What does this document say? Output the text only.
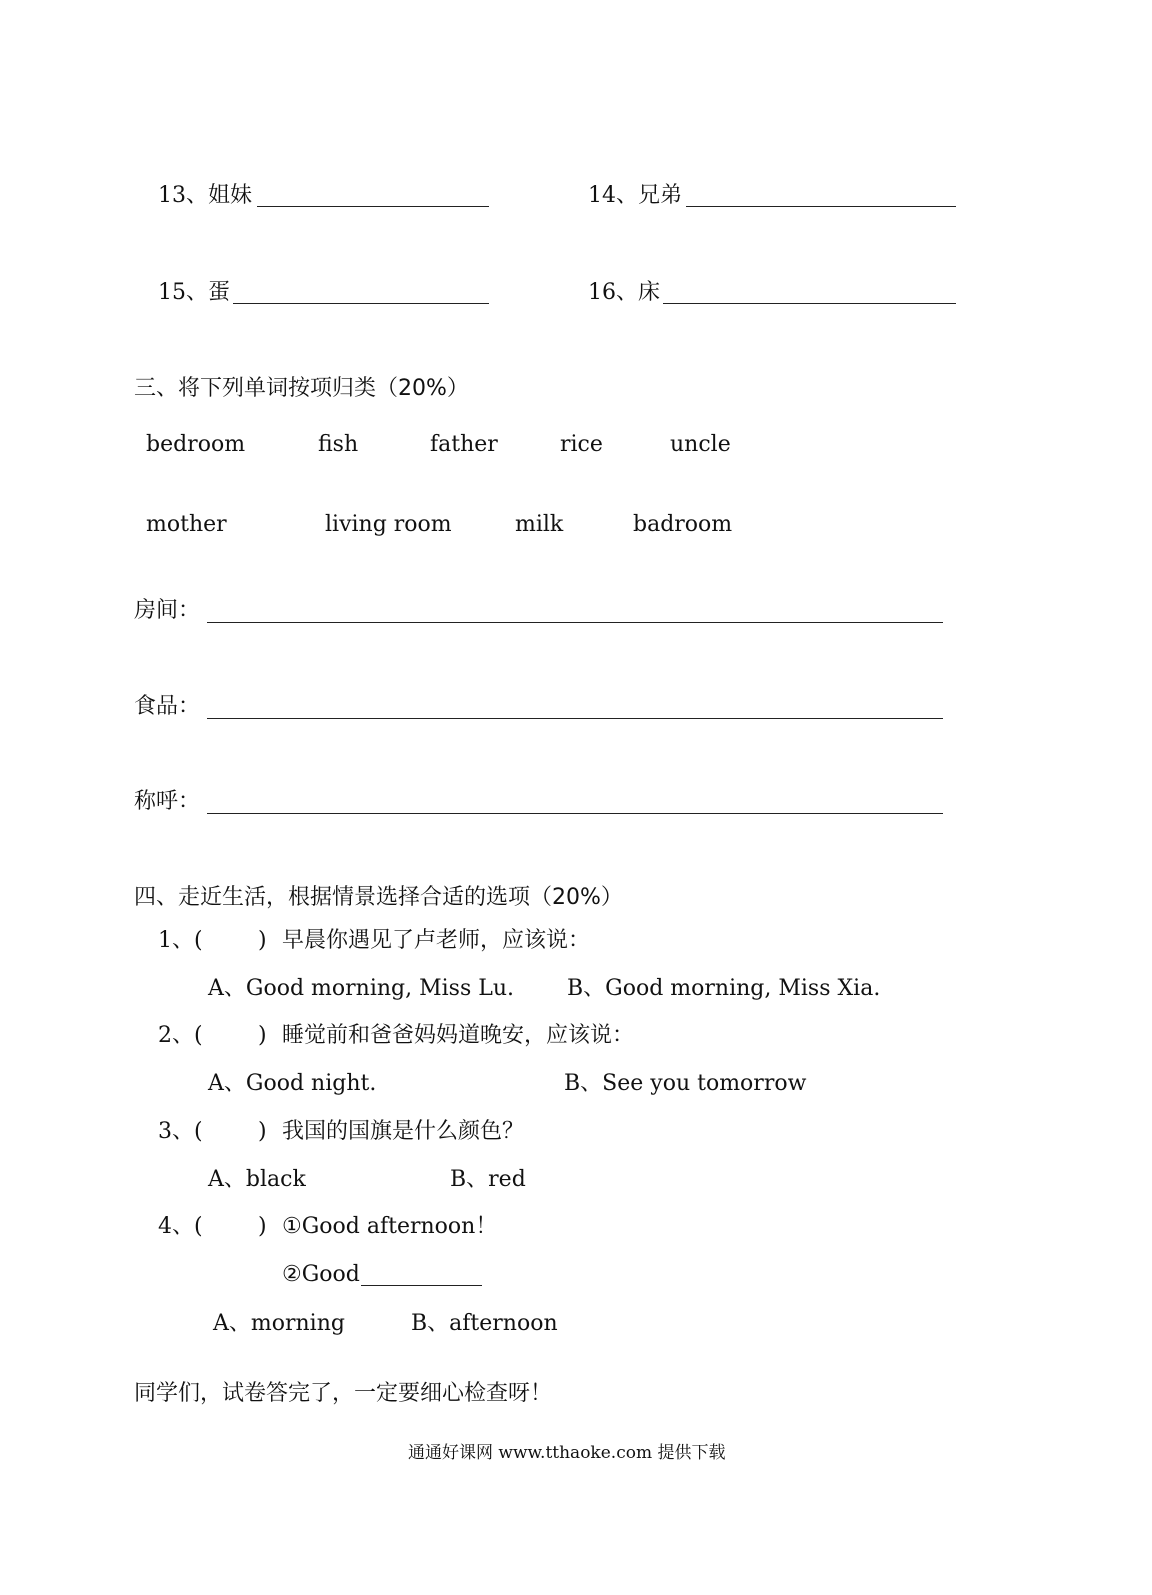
13、姐妹	14、兄弟
15、蛋	16、床
三、将下列单词按项归类（20%）
bedroom	fish	father	rice	uncle
mother	living room	milk	badroom
房间：
食品：
称呼：
四、走近生活，根据情景选择合适的选项（20%）
1、(	) 早晨你遇见了卢老师，应该说：
A、Good morning, Miss Lu. B、Good morning, Miss Xia.
2、(	) 睡觉前和爸爸妈妈道晚安，应该说：
A、Good night.	B、See you tomorrow
3、(	) 我国的国旗是什么颜色？
A、black	B、red
4、(	) ①Good afternoon！
②Good
A、morning	B、afternoon
同学们，试卷答完了，一定要细心检查呀！
通通好课网 www.tthaoke.com 提供下载
